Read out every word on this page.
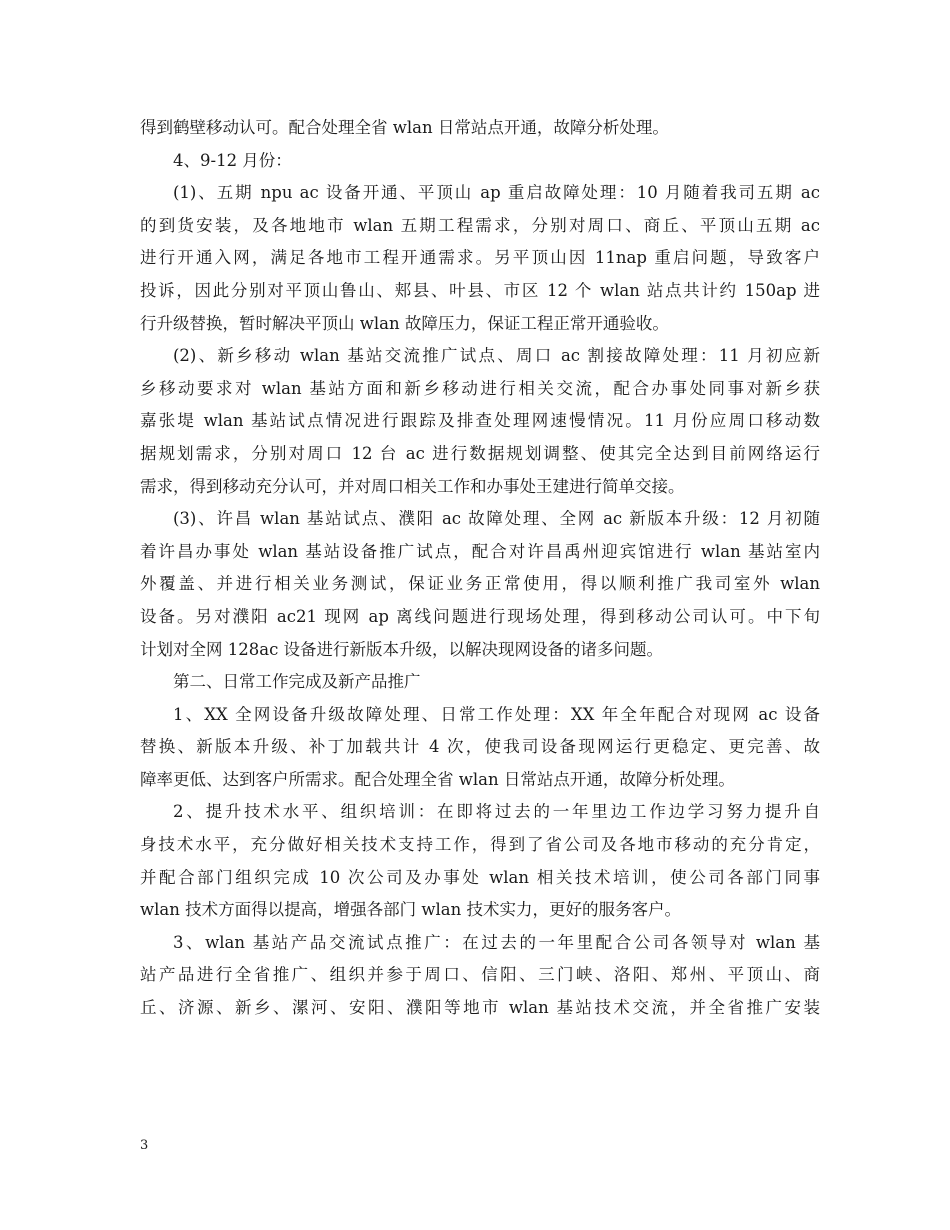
得到鹤壁移动认可。配合处理全省 wlan 日常站点开通，故障分析处理。
4、9-12 月份：
(1)、五期 npu ac 设备开通、平顶山 ap 重启故障处理：10 月随着我司五期 ac
的到货安装，及各地地市 wlan 五期工程需求，分别对周口、商丘、平顶山五期 ac
进行开通入网，满足各地市工程开通需求。另平顶山因 11nap 重启问题，导致客户
投诉，因此分别对平顶山鲁山、郏县、叶县、市区 12 个 wlan 站点共计约 150ap 进
行升级替换，暂时解决平顶山 wlan 故障压力，保证工程正常开通验收。
(2)、新乡移动 wlan 基站交流推广试点、周口 ac 割接故障处理：11 月初应新
乡移动要求对 wlan 基站方面和新乡移动进行相关交流，配合办事处同事对新乡获
嘉张堤 wlan 基站试点情况进行跟踪及排查处理网速慢情况。11 月份应周口移动数
据规划需求，分别对周口 12 台 ac 进行数据规划调整、使其完全达到目前网络运行
需求，得到移动充分认可，并对周口相关工作和办事处王建进行简单交接。
(3)、许昌 wlan 基站试点、濮阳 ac 故障处理、全网 ac 新版本升级：12 月初随
着许昌办事处 wlan 基站设备推广试点，配合对许昌禹州迎宾馆进行 wlan 基站室内
外覆盖、并进行相关业务测试，保证业务正常使用，得以顺利推广我司室外 wlan
设备。另对濮阳 ac21 现网 ap 离线问题进行现场处理，得到移动公司认可。中下旬
计划对全网 128ac 设备进行新版本升级，以解决现网设备的诸多问题。
第二、日常工作完成及新产品推广
1、XX 全网设备升级故障处理、日常工作处理：XX 年全年配合对现网 ac 设备
替换、新版本升级、补丁加载共计 4 次，使我司设备现网运行更稳定、更完善、故
障率更低、达到客户所需求。配合处理全省 wlan 日常站点开通，故障分析处理。
2、提升技术水平、组织培训：在即将过去的一年里边工作边学习努力提升自
身技术水平，充分做好相关技术支持工作，得到了省公司及各地市移动的充分肯定，
并配合部门组织完成 10 次公司及办事处 wlan 相关技术培训，使公司各部门同事
wlan 技术方面得以提高，增强各部门 wlan 技术实力，更好的服务客户。
3、wlan 基站产品交流试点推广：在过去的一年里配合公司各领导对 wlan 基
站产品进行全省推广、组织并参于周口、信阳、三门峡、洛阳、郑州、平顶山、商
丘、济源、新乡、漯河、安阳、濮阳等地市 wlan 基站技术交流，并全省推广安装
3
